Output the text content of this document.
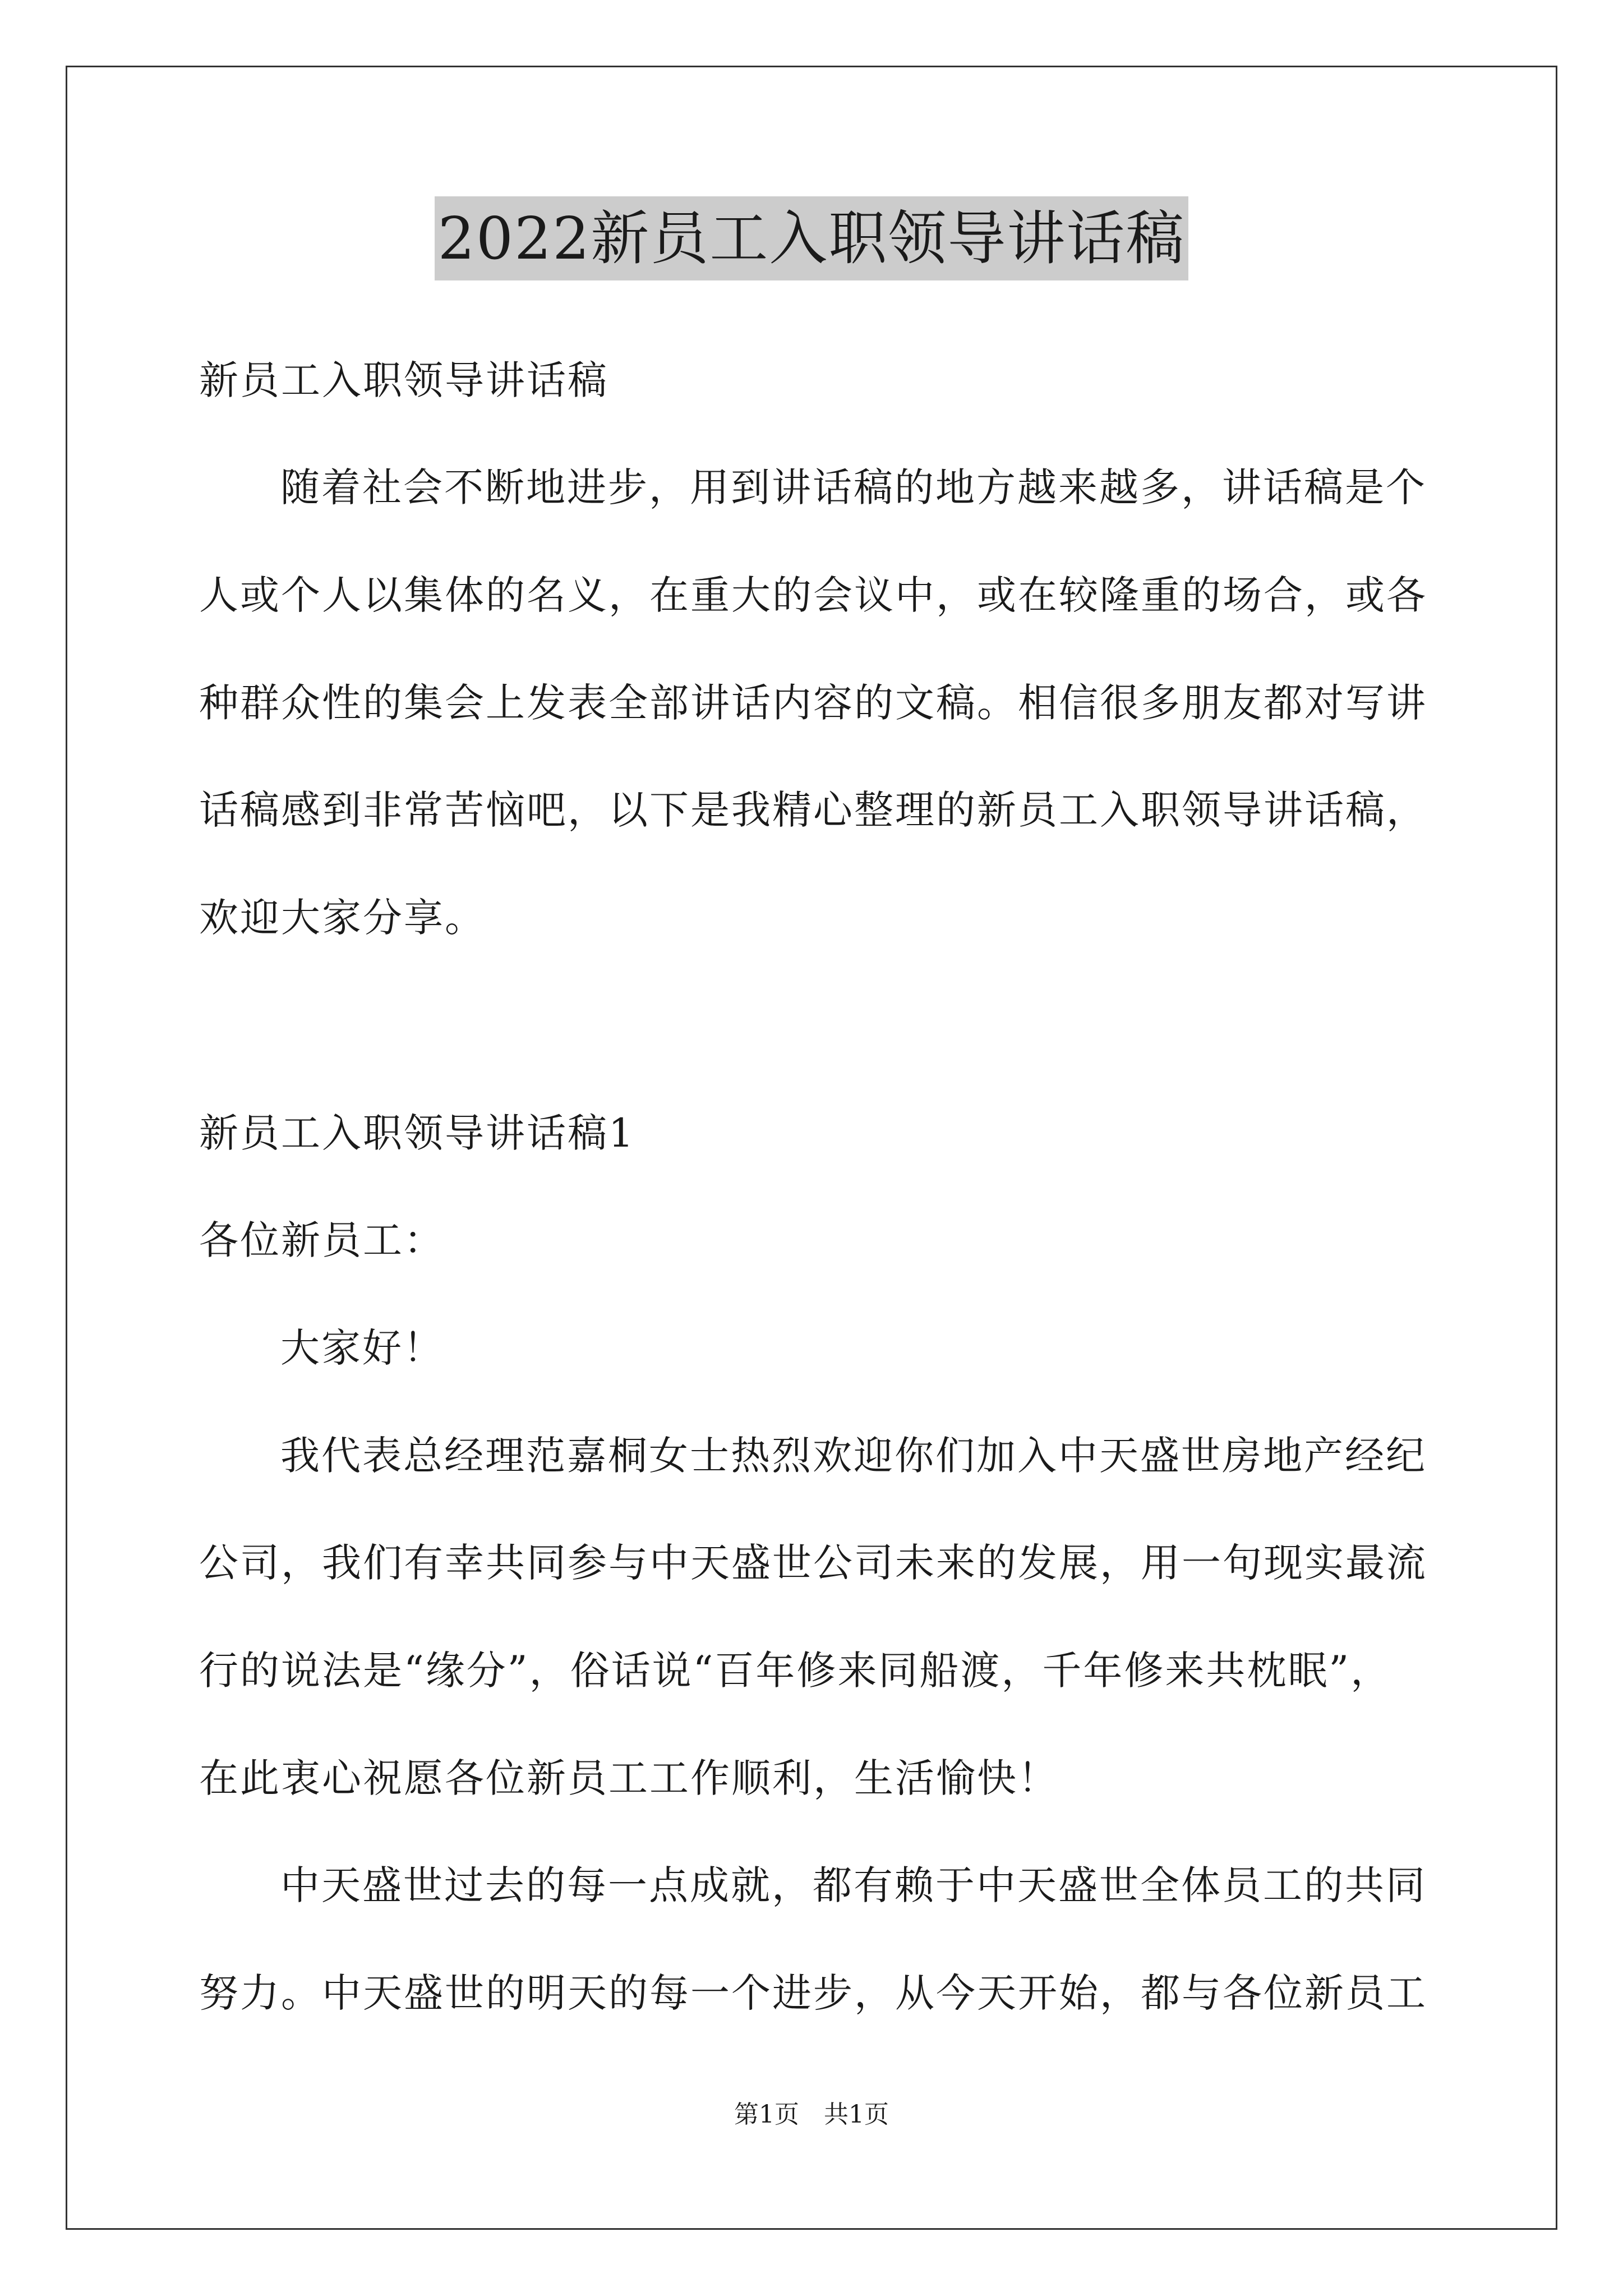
2022新员工入职领导讲话稿
新员工入职领导讲话稿
随着社会不断地进步，用到讲话稿的地方越来越多，讲话稿是个
人或个人以集体的名义，在重大的会议中，或在较隆重的场合，或各
种群众性的集会上发表全部讲话内容的文稿。相信很多朋友都对写讲
话稿感到非常苦恼吧，以下是我精心整理的新员工入职领导讲话稿，
欢迎大家分享。
新员工入职领导讲话稿1
各位新员工：
大家好！
我代表总经理范嘉桐女士热烈欢迎你们加入中天盛世房地产经纪
公司，我们有幸共同参与中天盛世公司未来的发展，用一句现实最流
行的说法是“缘分”，俗话说“百年修来同船渡，千年修来共枕眠”，
在此衷心祝愿各位新员工工作顺利，生活愉快！
中天盛世过去的每一点成就，都有赖于中天盛世全体员工的共同
努力。中天盛世的明天的每一个进步，从今天开始，都与各位新员工
第1页　共1页
